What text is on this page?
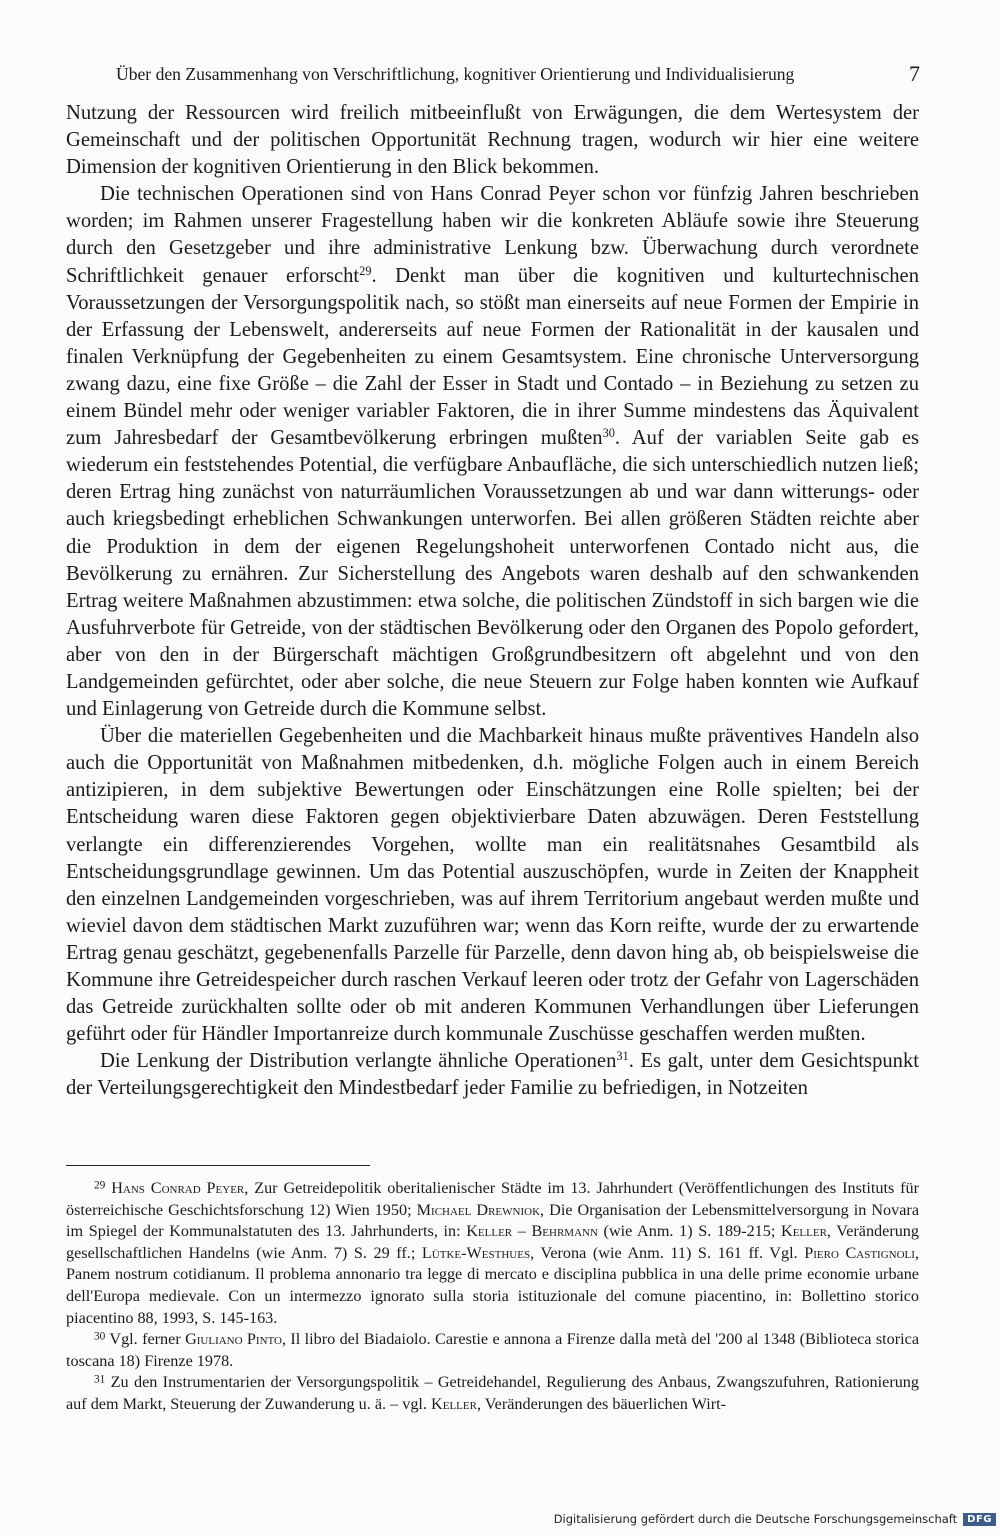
Über den Zusammenhang von Verschriftlichung, kognitiver Orientierung und Individualisierung	7

Nutzung der Ressourcen wird freilich mitbeeinflußt von Erwägungen, die dem Wertesystem der Gemeinschaft und der politischen Opportunität Rechnung tragen, wodurch wir hier eine weitere Dimension der kognitiven Orientierung in den Blick bekommen.

Die technischen Operationen sind von Hans Conrad Peyer schon vor fünfzig Jahren beschrieben worden; im Rahmen unserer Fragestellung haben wir die konkreten Abläufe sowie ihre Steuerung durch den Gesetzgeber und ihre administrative Lenkung bzw. Überwachung durch verordnete Schriftlichkeit genauer erforscht$^{29}$. Denkt man über die kognitiven und kulturtechnischen Voraussetzungen der Versorgungspolitik nach, so stößt man einerseits auf neue Formen der Empirie in der Erfassung der Lebenswelt, andererseits auf neue Formen der Rationalität in der kausalen und finalen Verknüpfung der Gegebenheiten zu einem Gesamtsystem. Eine chronische Unterversorgung zwang dazu, eine fixe Größe – die Zahl der Esser in Stadt und Contado – in Beziehung zu setzen zu einem Bündel mehr oder weniger variabler Faktoren, die in ihrer Summe mindestens das Äquivalent zum Jahresbedarf der Gesamtbevölkerung erbringen mußten$^{30}$. Auf der variablen Seite gab es wiederum ein feststehendes Potential, die verfügbare Anbaufläche, die sich unterschiedlich nutzen ließ; deren Ertrag hing zunächst von naturräumlichen Voraussetzungen ab und war dann witterungs- oder auch kriegsbedingt erheblichen Schwankungen unterworfen. Bei allen größeren Städten reichte aber die Produktion in dem der eigenen Regelungshoheit unterworfenen Contado nicht aus, die Bevölkerung zu ernähren. Zur Sicherstellung des Angebots waren deshalb auf den schwankenden Ertrag weitere Maßnahmen abzustimmen: etwa solche, die politischen Zündstoff in sich bargen wie die Ausfuhrverbote für Getreide, von der städtischen Bevölkerung oder den Organen des Popolo gefordert, aber von den in der Bürgerschaft mächtigen Großgrundbesitzern oft abgelehnt und von den Landgemeinden gefürchtet, oder aber solche, die neue Steuern zur Folge haben konnten wie Aufkauf und Einlagerung von Getreide durch die Kommune selbst.

Über die materiellen Gegebenheiten und die Machbarkeit hinaus mußte präventives Handeln also auch die Opportunität von Maßnahmen mitbedenken, d.h. mögliche Folgen auch in einem Bereich antizipieren, in dem subjektive Bewertungen oder Einschätzungen eine Rolle spielten; bei der Entscheidung waren diese Faktoren gegen objektivierbare Daten abzuwägen. Deren Feststellung verlangte ein differenzierendes Vorgehen, wollte man ein realitätsnahes Gesamtbild als Entscheidungsgrundlage gewinnen. Um das Potential auszuschöpfen, wurde in Zeiten der Knappheit den einzelnen Landgemeinden vorgeschrieben, was auf ihrem Territorium angebaut werden mußte und wieviel davon dem städtischen Markt zuzuführen war; wenn das Korn reifte, wurde der zu erwartende Ertrag genau geschätzt, gegebenenfalls Parzelle für Parzelle, denn davon hing ab, ob beispielsweise die Kommune ihre Getreidespeicher durch raschen Verkauf leeren oder trotz der Gefahr von Lagerschäden das Getreide zurückhalten sollte oder ob mit anderen Kommunen Verhandlungen über Lieferungen geführt oder für Händler Importanreize durch kommunale Zuschüsse geschaffen werden mußten.

Die Lenkung der Distribution verlangte ähnliche Operationen$^{31}$. Es galt, unter dem Gesichtspunkt der Verteilungsgerechtigkeit den Mindestbedarf jeder Familie zu befriedigen, in Notzeiten

$^{29}$ Hans Conrad Peyer, Zur Getreidepolitik oberitalienischer Städte im 13. Jahrhundert (Veröffentlichungen des Instituts für österreichische Geschichtsforschung 12) Wien 1950; Michael Drewniok, Die Organisation der Lebensmittelversorgung in Novara im Spiegel der Kommunalstatuten des 13. Jahrhunderts, in: Keller – Behrmann (wie Anm. 1) S. 189-215; Keller, Veränderung gesellschaftlichen Handelns (wie Anm. 7) S. 29 ff.; Lütke-Westhues, Verona (wie Anm. 11) S. 161 ff. Vgl. Piero Castignoli, Panem nostrum cotidianum. Il problema annonario tra legge di mercato e disciplina pubblica in una delle prime economie urbane dell'Europa medievale. Con un intermezzo ignorato sulla storia istituzionale del comune piacentino, in: Bollettino storico piacentino 88, 1993, S. 145-163.

$^{30}$ Vgl. ferner Giuliano Pinto, Il libro del Biadaiolo. Carestie e annona a Firenze dalla metà del '200 al 1348 (Biblioteca storica toscana 18) Firenze 1978.

$^{31}$ Zu den Instrumentarien der Versorgungspolitik – Getreidehandel, Regulierung des Anbaus, Zwangszufuhren, Rationierung auf dem Markt, Steuerung der Zuwanderung u. ä. – vgl. Keller, Veränderungen des bäuerlichen Wirt-

Digitalisierung gefördert durch die Deutsche Forschungsgemeinschaft	DFG
